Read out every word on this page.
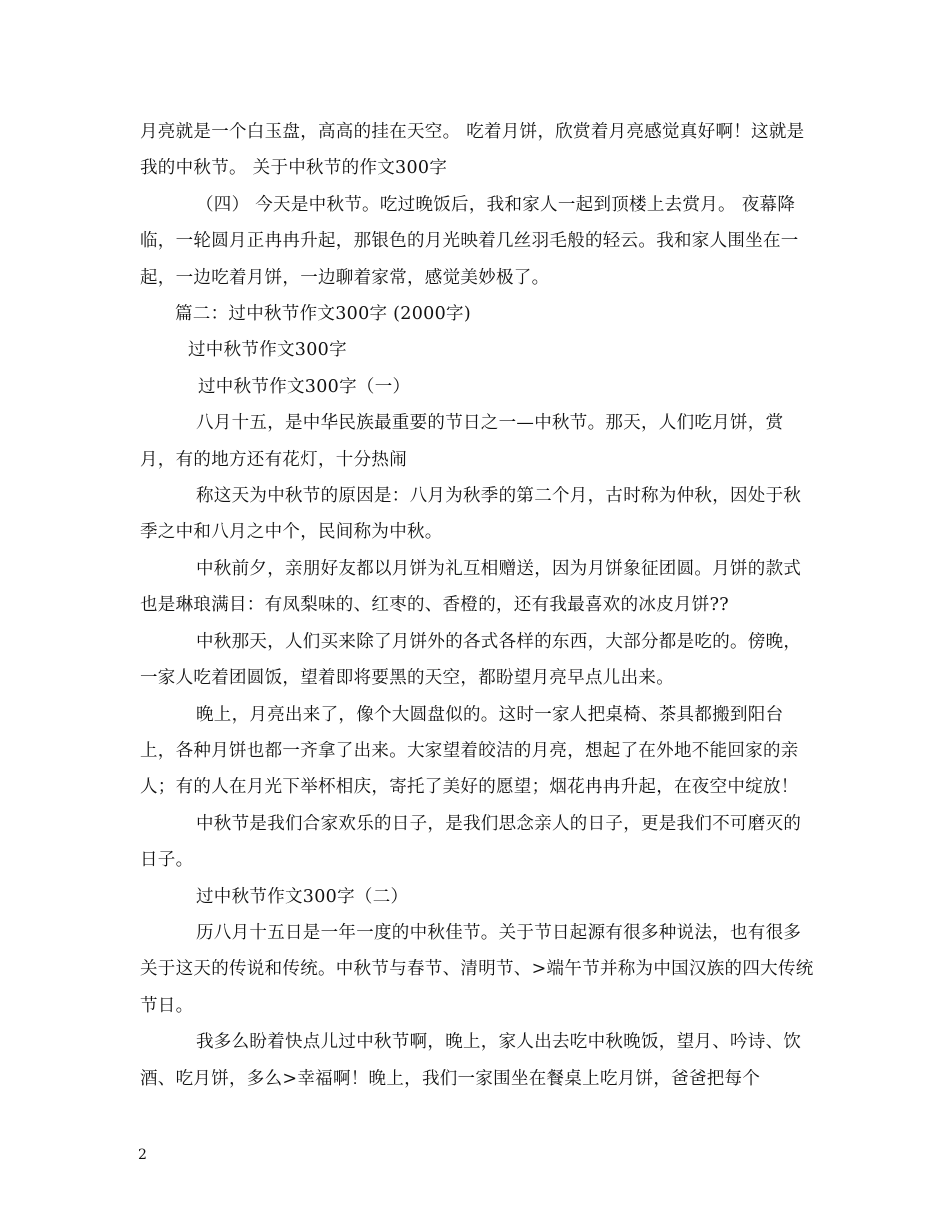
月亮就是一个白玉盘，高高的挂在天空。 吃着月饼，欣赏着月亮感觉真好啊！这就是我的中秋节。 关于中秋节的作文300字

（四） 今天是中秋节。吃过晚饭后，我和家人一起到顶楼上去赏月。 夜幕降临，一轮圆月正冉冉升起，那银色的月光映着几丝羽毛般的轻云。我和家人围坐在一起，一边吃着月饼，一边聊着家常，感觉美妙极了。

篇二：过中秋节作文300字 (2000字)

过中秋节作文300字

过中秋节作文300字（一）

八月十五，是中华民族最重要的节日之一—中秋节。那天，人们吃月饼，赏月，有的地方还有花灯，十分热闹

称这天为中秋节的原因是：八月为秋季的第二个月，古时称为仲秋，因处于秋季之中和八月之中个，民间称为中秋。

中秋前夕，亲朋好友都以月饼为礼互相赠送，因为月饼象征团圆。月饼的款式也是琳琅满目：有凤梨味的、红枣的、香橙的，还有我最喜欢的冰皮月饼??

中秋那天，人们买来除了月饼外的各式各样的东西，大部分都是吃的。傍晚，一家人吃着团圆饭，望着即将要黑的天空，都盼望月亮早点儿出来。

晚上，月亮出来了，像个大圆盘似的。这时一家人把桌椅、茶具都搬到阳台上，各种月饼也都一齐拿了出来。大家望着皎洁的月亮，想起了在外地不能回家的亲人；有的人在月光下举杯相庆，寄托了美好的愿望；烟花冉冉升起，在夜空中绽放！

中秋节是我们合家欢乐的日子，是我们思念亲人的日子，更是我们不可磨灭的日子。

过中秋节作文300字（二）

历八月十五日是一年一度的中秋佳节。关于节日起源有很多种说法，也有很多关于这天的传说和传统。中秋节与春节、清明节、>端午节并称为中国汉族的四大传统节日。

我多么盼着快点儿过中秋节啊，晚上，家人出去吃中秋晚饭，望月、吟诗、饮酒、吃月饼，多么>幸福啊！晚上，我们一家围坐在餐桌上吃月饼，爸爸把每个

2
